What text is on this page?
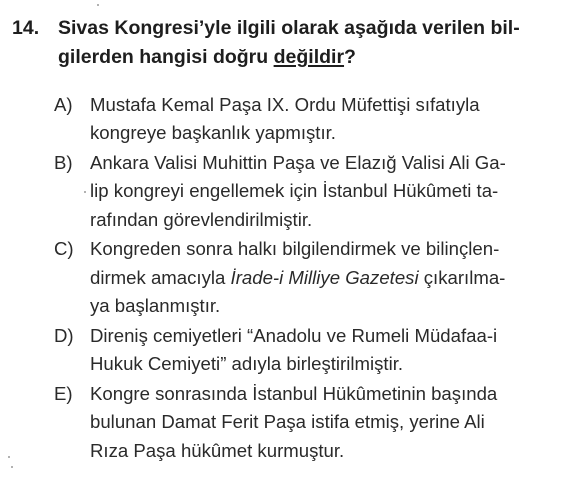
14. Sivas Kongresi’yle ilgili olarak aşağıda verilen bil-
gilerden hangisi doğru değildir?
A) Mustafa Kemal Paşa IX. Ordu Müfettişi sıfatıyla
kongreye başkanlık yapmıştır.
B) Ankara Valisi Muhittin Paşa ve Elazığ Valisi Ali Ga-
lip kongreyi engellemek için İstanbul Hükûmeti ta-
rafından görevlendirilmiştir.
C) Kongreden sonra halkı bilgilendirmek ve bilinçlen-
dirmek amacıyla İrade-i Milliye Gazetesi çıkarılma-
ya başlanmıştır.
D) Direniş cemiyetleri “Anadolu ve Rumeli Müdafaa-i
Hukuk Cemiyeti” adıyla birleştirilmiştir.
E) Kongre sonrasında İstanbul Hükûmetinin başında
bulunan Damat Ferit Paşa istifa etmiş, yerine Ali
Rıza Paşa hükûmet kurmuştur.
